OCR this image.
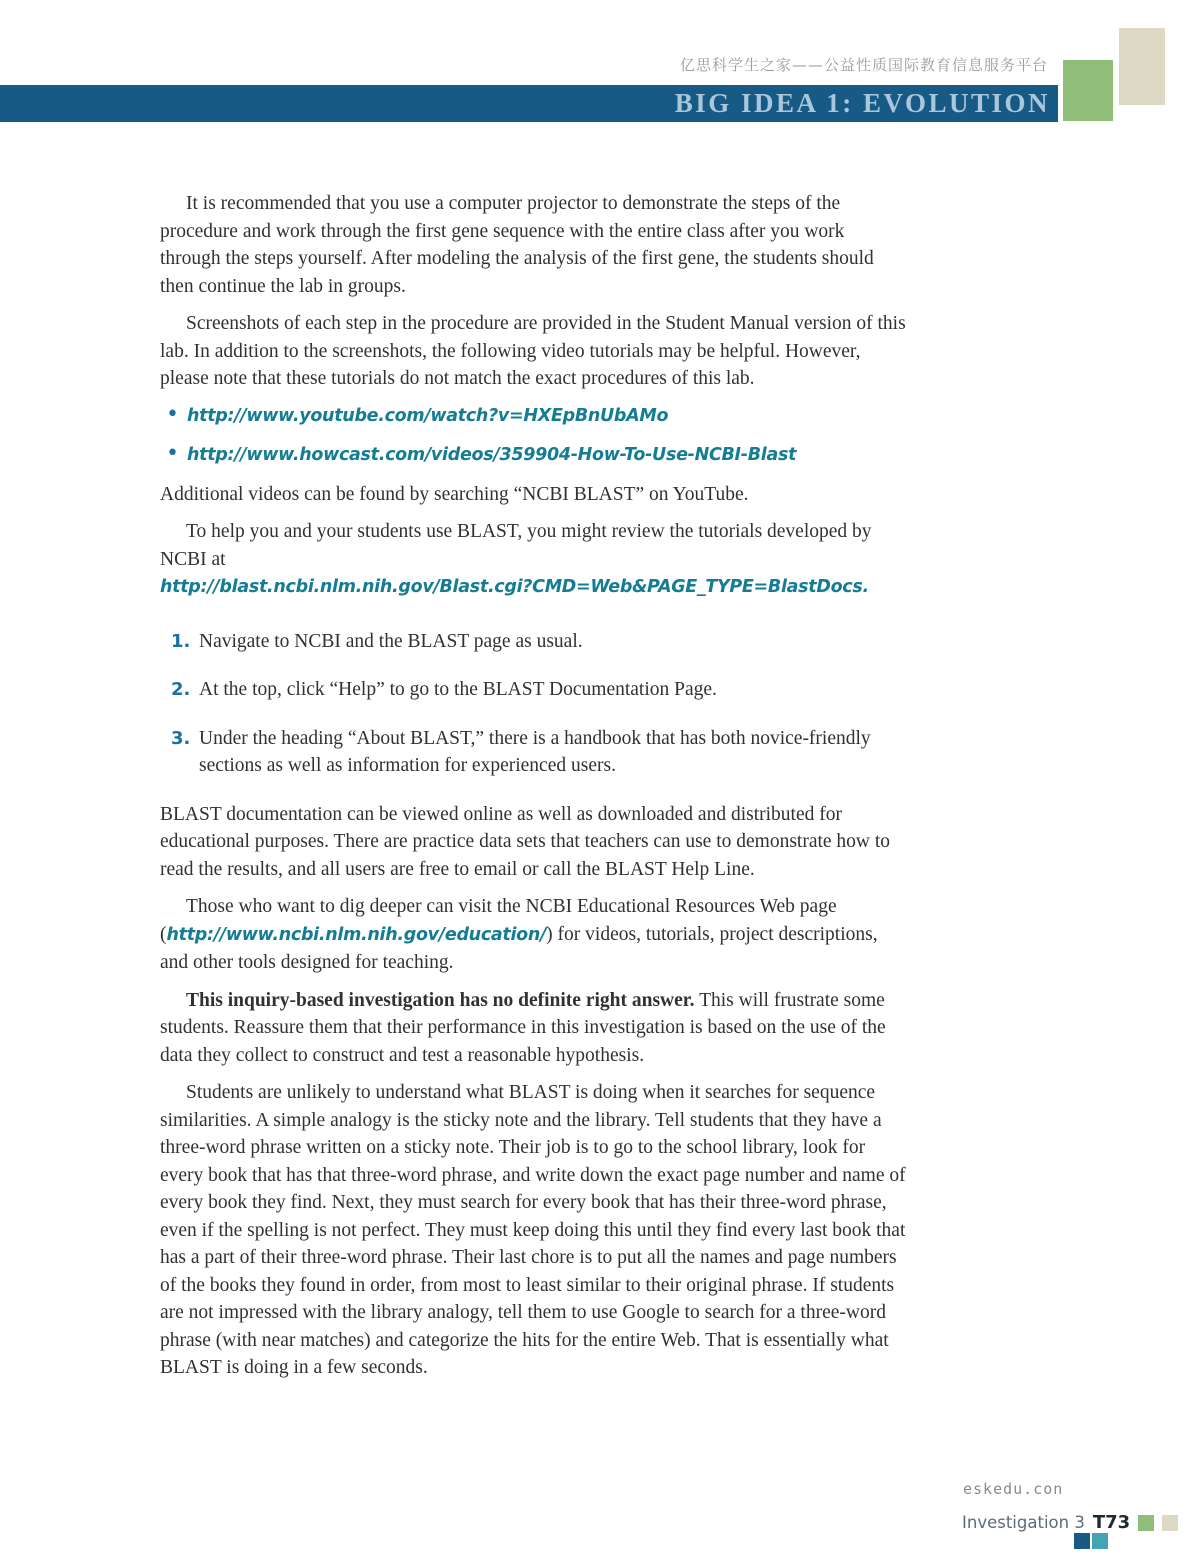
亿思科学生之家——公益性质国际教育信息服务平台
BIG IDEA 1: EVOLUTION

It is recommended that you use a computer projector to demonstrate the steps of the procedure and work through the first gene sequence with the entire class after you work through the steps yourself. After modeling the analysis of the first gene, the students should then continue the lab in groups.

Screenshots of each step in the procedure are provided in the Student Manual version of this lab. In addition to the screenshots, the following video tutorials may be helpful. However, please note that these tutorials do not match the exact procedures of this lab.

• http://www.youtube.com/watch?v=HXEpBnUbAMo
• http://www.howcast.com/videos/359904-How-To-Use-NCBI-Blast

Additional videos can be found by searching “NCBI BLAST” on YouTube.

To help you and your students use BLAST, you might review the tutorials developed by NCBI at
http://blast.ncbi.nlm.nih.gov/Blast.cgi?CMD=Web&PAGE_TYPE=BlastDocs.

1. Navigate to NCBI and the BLAST page as usual.
2. At the top, click “Help” to go to the BLAST Documentation Page.
3. Under the heading “About BLAST,” there is a handbook that has both novice-friendly sections as well as information for experienced users.

BLAST documentation can be viewed online as well as downloaded and distributed for educational purposes. There are practice data sets that teachers can use to demonstrate how to read the results, and all users are free to email or call the BLAST Help Line.

Those who want to dig deeper can visit the NCBI Educational Resources Web page (http://www.ncbi.nlm.nih.gov/education/) for videos, tutorials, project descriptions, and other tools designed for teaching.

This inquiry-based investigation has no definite right answer. This will frustrate some students. Reassure them that their performance in this investigation is based on the use of the data they collect to construct and test a reasonable hypothesis.

Students are unlikely to understand what BLAST is doing when it searches for sequence similarities. A simple analogy is the sticky note and the library. Tell students that they have a three-word phrase written on a sticky note. Their job is to go to the school library, look for every book that has that three-word phrase, and write down the exact page number and name of every book they find. Next, they must search for every book that has their three-word phrase, even if the spelling is not perfect. They must keep doing this until they find every last book that has a part of their three-word phrase. Their last chore is to put all the names and page numbers of the books they found in order, from most to least similar to their original phrase. If students are not impressed with the library analogy, tell them to use Google to search for a three-word phrase (with near matches) and categorize the hits for the entire Web. That is essentially what BLAST is doing in a few seconds.

eskedu.con
Investigation 3 T73
